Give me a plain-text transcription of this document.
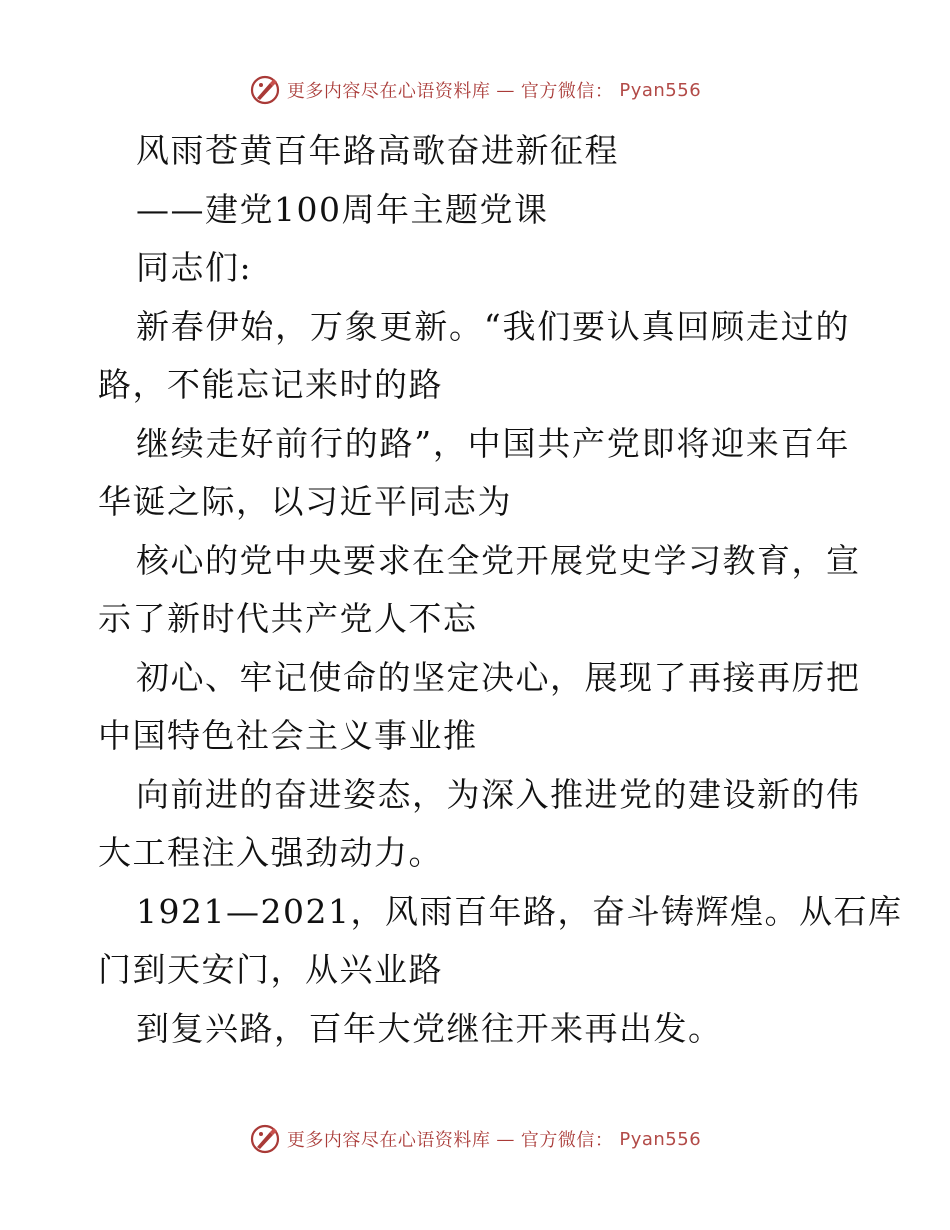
更多内容尽在心语资料库 — 官方微信： Pyan556
风雨苍黄百年路高歌奋进新征程
——建党100周年主题党课
同志们:
新春伊始，万象更新。“我们要认真回顾走过的
路，不能忘记来时的路
继续走好前行的路”，中国共产党即将迎来百年
华诞之际，以习近平同志为
核心的党中央要求在全党开展党史学习教育，宣
示了新时代共产党人不忘
初心、牢记使命的坚定决心，展现了再接再厉把
中国特色社会主义事业推
向前进的奋进姿态，为深入推进党的建设新的伟
大工程注入强劲动力。
1921—2021，风雨百年路，奋斗铸辉煌。从石库
门到天安门，从兴业路
到复兴路，百年大党继往开来再出发。
更多内容尽在心语资料库 — 官方微信： Pyan556
